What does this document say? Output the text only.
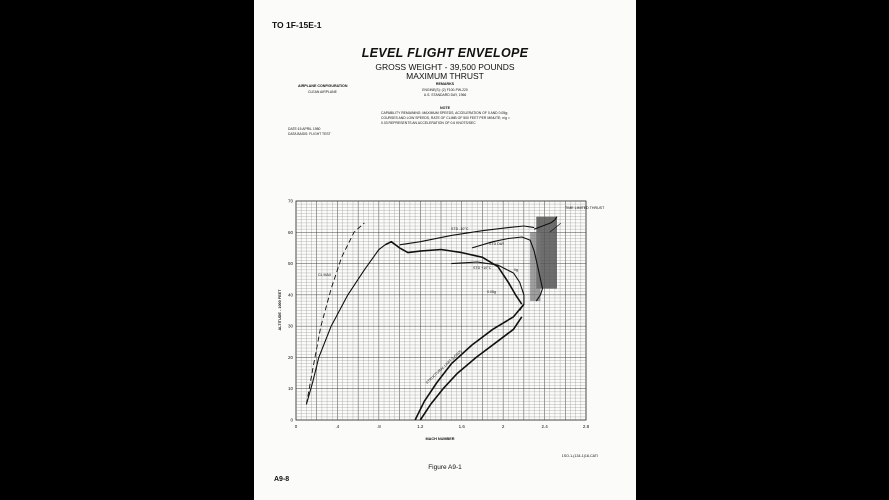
TO 1F-15E-1
LEVEL FLIGHT ENVELOPE
GROSS WEIGHT - 39,500 POUNDS
MAXIMUM THRUST
AIRPLANE CONFIGURATION
CLEAN AIRPLANE
REMARKS
ENGINE(S): (2) F100-PW-220
U.S. STANDARD DAY, 1966
NOTE
CAPABILITY REMAINING: MAXIMUM SPEEDS, ACCELERATION OF 0 AND 0.05g; COURSES AND LOW SPEEDS, RATE OF CLIMB OF 500 FEET PER MINUTE; n/g = 0.03 REPRESENTS AN ACCELERATION OF 0.6 KNOTS/SEC
DATE:15 APRIL 1980
DATA BASIS: FLIGHT TEST
0	.4	.8	1.2	1.6	2	2.4	2.8
0
10
20
30
40
50
60
70
CL MAX
STD -10°C
STD DAY
STD +10°C	0g
0.05g
TIME LIMITED THRUST
STRUCTURAL LIMIT (LOAD)
MACH NUMBER
ALTITUDE - 1000 FEET
1SO-1-(134-1)18-CATI
Figure A9-1
A9-8
